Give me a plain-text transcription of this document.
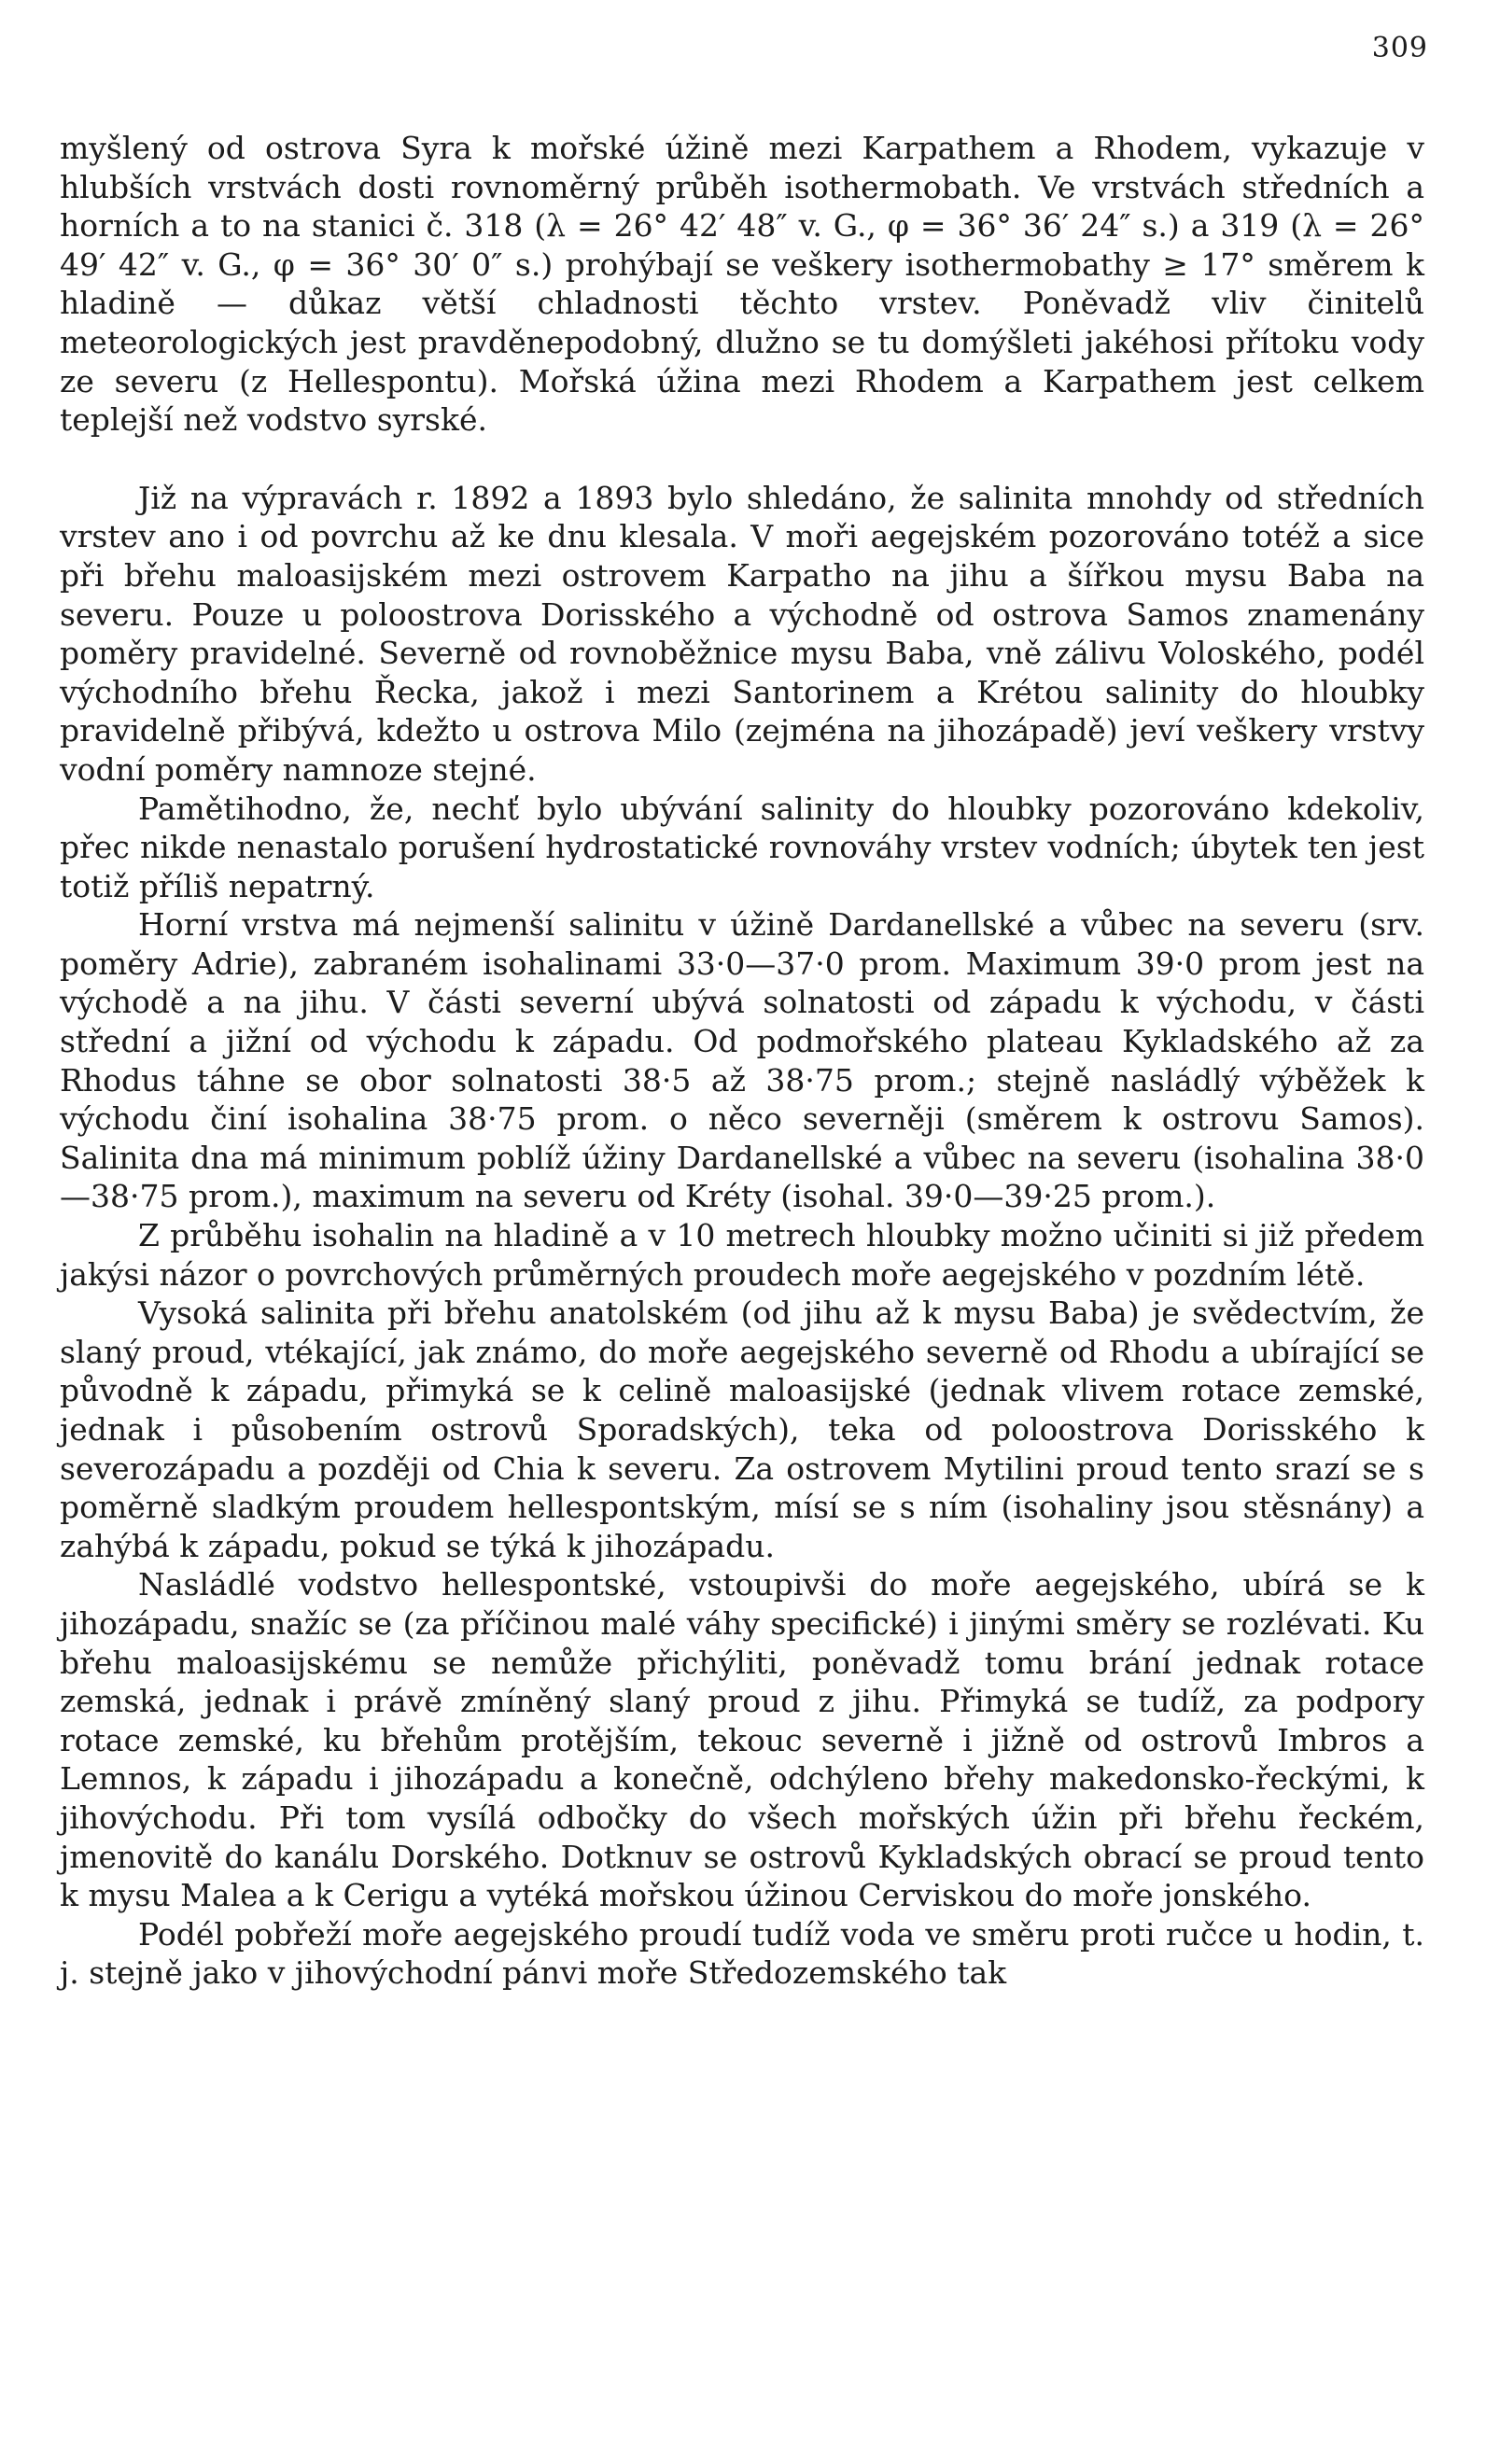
309

myšlený od ostrova Syra k mořské úžině mezi Karpathem a Rhodem, vykazuje v hlubších vrstvách dosti rovnoměrný průběh isothermobath. Ve vrstvách středních a horních a to na stanici č. 318 (λ = 26° 42′ 48″ v. G., φ = 36° 36′ 24″ s.) a 319 (λ = 26° 49′ 42″ v. G., φ = 36° 30′ 0″ s.) prohýbají se veškery isothermobathy ≥ 17° směrem k hladině — důkaz větší chladnosti těchto vrstev. Poněvadž vliv činitelů meteorologických jest pravděnepodobný, dlužno se tu domýšleti jakéhosi přítoku vody ze severu (z Hellespontu). Mořská úžina mezi Rhodem a Karpathem jest celkem teplejší než vodstvo syrské.

Již na výpravách r. 1892 a 1893 bylo shledáno, že salinita mnohdy od středních vrstev ano i od povrchu až ke dnu klesala. V moři aegejském pozorováno totéž a sice při břehu maloasijském mezi ostrovem Karpatho na jihu a šířkou mysu Baba na severu. Pouze u poloostrova Dorisského a východně od ostrova Samos znamenány poměry pravidelné. Severně od rovnoběžnice mysu Baba, vně zálivu Voloského, podél východního břehu Řecka, jakož i mezi Santorinem a Krétou salinity do hloubky pravidelně přibývá, kdežto u ostrova Milo (zejména na jihozápadě) jeví veškery vrstvy vodní poměry namnoze stejné.

Pamětihodno, že, nechť bylo ubývání salinity do hloubky pozorováno kdekoliv, přec nikde nenastalo porušení hydrostatické rovnováhy vrstev vodních; úbytek ten jest totiž příliš nepatrný.

Horní vrstva má nejmenší salinitu v úžině Dardanellské a vůbec na severu (srv. poměry Adrie), zabraném isohalinami 33·0—37·0 prom. Maximum 39·0 prom jest na východě a na jihu. V části severní ubývá solnatosti od západu k východu, v části střední a jižní od východu k západu. Od podmořského plateau Kykladského až za Rhodus táhne se obor solnatosti 38·5 až 38·75 prom.; stejně nasládlý výběžek k východu činí isohalina 38·75 prom. o něco severněji (směrem k ostrovu Samos). Salinita dna má minimum poblíž úžiny Dardanellské a vůbec na severu (isohalina 38·0—38·75 prom.), maximum na severu od Kréty (isohal. 39·0—39·25 prom.).

Z průběhu isohalin na hladině a v 10 metrech hloubky možno učiniti si již předem jakýsi názor o povrchových průměrných proudech moře aegejského v pozdním létě.

Vysoká salinita při břehu anatolském (od jihu až k mysu Baba) je svědectvím, že slaný proud, vtékající, jak známo, do moře aegejského severně od Rhodu a ubírající se původně k západu, přimyká se k celině maloasijské (jednak vlivem rotace zemské, jednak i působením ostrovů Sporadských), teka od poloostrova Dorisského k severozápadu a později od Chia k severu. Za ostrovem Mytilini proud tento srazí se s poměrně sladkým proudem hellespontským, mísí se s ním (isohaliny jsou stěsnány) a zahýbá k západu, pokud se týká k jihozápadu.

Nasládlé vodstvo hellespontské, vstoupivši do moře aegejského, ubírá se k jihozápadu, snažíc se (za příčinou malé váhy specifické) i jinými směry se rozlévati. Ku břehu maloasijskému se nemůže přichýliti, poněvadž tomu brání jednak rotace zemská, jednak i právě zmíněný slaný proud z jihu. Přimyká se tudíž, za podpory rotace zemské, ku břehům protějším, tekouc severně i jižně od ostrovů Imbros a Lemnos, k západu i jihozápadu a konečně, odchýleno břehy makedonsko-řeckými, k jihovýchodu. Při tom vysílá odbočky do všech mořských úžin při břehu řeckém, jmenovitě do kanálu Dorského. Dotknuv se ostrovů Kykladských obrací se proud tento k mysu Malea a k Cerigu a vytéká mořskou úžinou Cerviskou do moře jonského.

Podél pobřeží moře aegejského proudí tudíž voda ve směru proti ručce u hodin, t. j. stejně jako v jihovýchodní pánvi moře Středozemského tak
